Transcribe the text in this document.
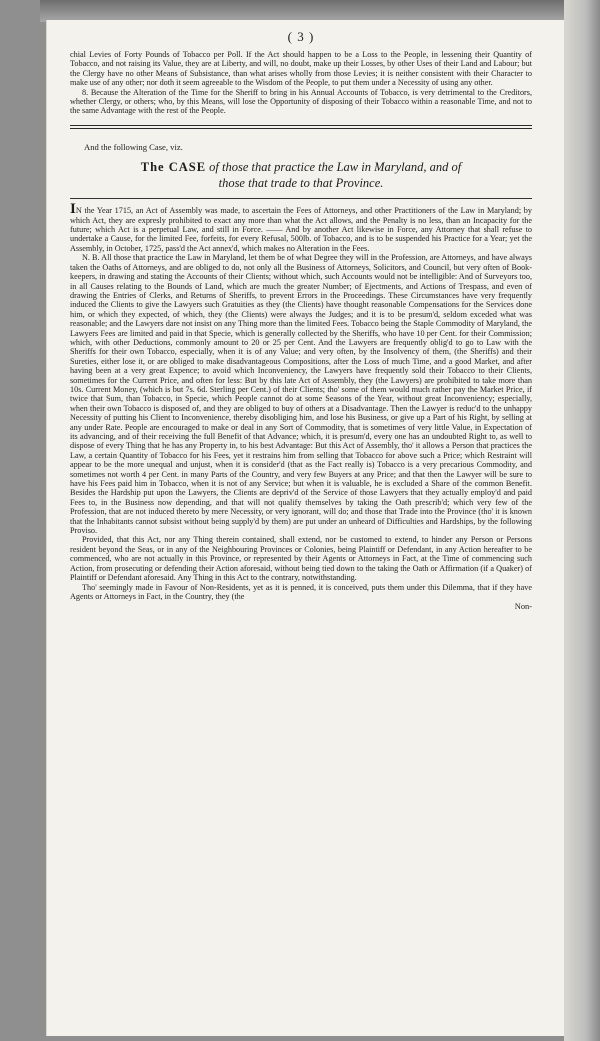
( 3 )

chial Levies of Forty Pounds of Tobacco per Poll. If the Act should happen to be a Loss to the People, in lessening their Quantity of Tobacco, and not raising its Value, they are at Liberty, and will, no doubt, make up their Losses, by other Uses of their Land and Labour; but the Clergy have no other Means of Subsistance, than what arises wholly from those Levies; it is neither consistent with their Character to make use of any other; nor doth it seem agreeable to the Wisdom of the People, to put them under a Necessity of using any other.

8. Because the Alteration of the Time for the Sheriff to bring in his Annual Accounts of Tobacco, is very detrimental to the Creditors, whether Clergy, or others; who, by this Means, will lose the Opportunity of disposing of their Tobacco within a reasonable Time, and not to the same Advantage with the rest of the People.

And the following Case, viz.
The CASE of those that practice the Law in Maryland, and of
those that trade to that Province.

IN the Year 1715, an Act of Assembly was made, to ascertain the Fees of Attorneys, and other Practitioners of the Law in Maryland; by which Act, they are expresly prohibited to exact any more than what the Act allows, and the Penalty is no less, than an Incapacity for the future; which Act is a perpetual Law, and still in Force. —— And by another Act likewise in Force, any Attorney that shall refuse to undertake a Cause, for the limited Fee, forfeits, for every Refusal, 500lb. of Tobacco, and is to be suspended his Practice for a Year; yet the Assembly, in October, 1725, pass'd the Act annex'd, which makes no Alteration in the Fees.

N. B. All those that practice the Law in Maryland, let them be of what Degree they will in the Profession, are Attorneys, and have always taken the Oaths of Attorneys, and are obliged to do, not only all the Business of Attorneys, Solicitors, and Council, but very often of Book-keepers, in drawing and stating the Accounts of their Clients; without which, such Accounts would not be intelligible: And of Surveyors too, in all Causes relating to the Bounds of Land, which are much the greater Number; of Ejectments, and Actions of Trespass, and even of drawing the Entries of Clerks, and Returns of Sheriffs, to prevent Errors in the Proceedings. These Circumstances have very frequently induced the Clients to give the Lawyers such Gratuities as they (the Clients) have thought reasonable Compensations for the Services done him, or which they expected, of which, they (the Clients) were always the Judges; and it is to be presum'd, seldom exceded what was reasonable; and the Lawyers dare not insist on any Thing more than the limited Fees. Tobacco being the Staple Commodity of Maryland, the Lawyers Fees are limited and paid in that Specie, which is generally collected by the Sheriffs, who have 10 per Cent. for their Commission; which, with other Deductions, commonly amount to 20 or 25 per Cent. And the Lawyers are frequently oblig'd to go to Law with the Sheriffs for their own Tobacco, especially, when it is of any Value; and very often, by the Insolvency of them, (the Sheriffs) and their Sureties, either lose it, or are obliged to make disadvantageous Compositions, after the Loss of much Time, and a good Market, and after having been at a very great Expence; to avoid which Inconveniency, the Lawyers have frequently sold their Tobacco to their Clients, sometimes for the Current Price, and often for less: But by this late Act of Assembly, they (the Lawyers) are prohibited to take more than 10s. Current Money, (which is but 7s. 6d. Sterling per Cent.) of their Clients; tho' some of them would much rather pay the Market Price, if twice that Sum, than Tobacco, in Specie, which People cannot do at some Seasons of the Year, without great Inconveniency; especially, when their own Tobacco is disposed of, and they are obliged to buy of others at a Disadvantage. Then the Lawyer is reduc'd to the unhappy Necessity of putting his Client to Inconvenience, thereby disobliging him, and lose his Business, or give up a Part of his Right, by selling at any under Rate. People are encouraged to make or deal in any Sort of Commodity, that is sometimes of very little Value, in Expectation of its advancing, and of their receiving the full Benefit of that Advance; which, it is presum'd, every one has an undoubted Right to, as well to dispose of every Thing that he has any Property in, to his best Advantage: But this Act of Assembly, tho' it allows a Person that practices the Law, a certain Quantity of Tobacco for his Fees, yet it restrains him from selling that Tobacco for above such a Price; which Restraint will appear to be the more unequal and unjust, when it is consider'd (that as the Fact really is) Tobacco is a very precarious Commodity, and sometimes not worth 4 per Cent. in many Parts of the Country, and very few Buyers at any Price; and that then the Lawyer will be sure to have his Fees paid him in Tobacco, when it is not of any Service; but when it is valuable, he is excluded a Share of the common Benefit. Besides the Hardship put upon the Lawyers, the Clients are depriv'd of the Service of those Lawyers that they actually employ'd and paid Fees to, in the Business now depending, and that will not qualify themselves by taking the Oath prescrib'd; which very few of the Profession, that are not induced thereto by mere Necessity, or very ignorant, will do; and those that Trade into the Province (tho' it is known that the Inhabitants cannot subsist without being supply'd by them) are put under an unheard of Difficulties and Hardships, by the following Proviso.

Provided, that this Act, nor any Thing therein contained, shall extend, nor be customed to extend, to hinder any Person or Persons resident beyond the Seas, or in any of the Neighbouring Provinces or Colonies, being Plaintiff or Defendant, in any Action hereafter to be commenced, who are not actually in this Province, or represented by their Agents or Attorneys in Fact, at the Time of commencing such Action, from prosecuting or defending their Action aforesaid, without being tied down to the taking the Oath or Affirmation (if a Quaker) of Plaintiff or Defendant aforesaid. Any Thing in this Act to the contrary, notwithstanding.

Tho' seemingly made in Favour of Non-Residents, yet as it is penned, it is conceived, puts them under this Dilemma, that if they have Agents or Attorneys in Fact, in the Country, they (the

Non-
